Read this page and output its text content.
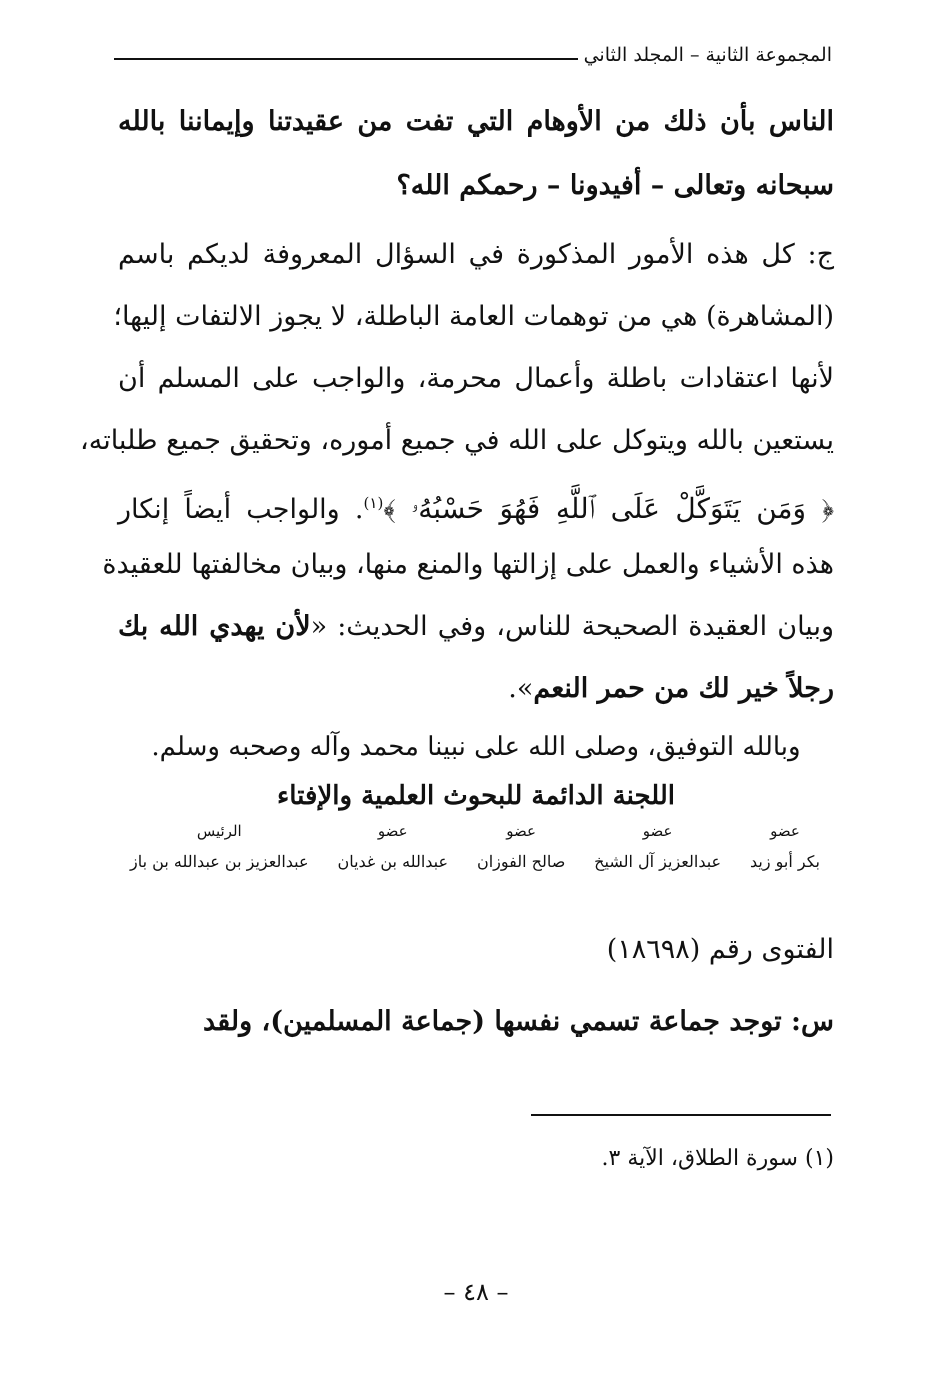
المجموعة الثانية – المجلد الثاني
الناس بأن ذلك من الأوهام التي تفت من عقيدتنا وإيماننا بالله
سبحانه وتعالى – أفيدونا – رحمكم الله؟
ج: كل هذه الأمور المذكورة في السؤال المعروفة لديكم باسم
(المشاهرة) هي من توهمات العامة الباطلة، لا يجوز الالتفات إليها؛
لأنها اعتقادات باطلة وأعمال محرمة، والواجب على المسلم أن
يستعين بالله ويتوكل على الله في جميع أموره، وتحقيق جميع طلباته،
﴿ وَمَن يَتَوَكَّلْ عَلَى ٱللَّهِ فَهُوَ حَسْبُهُۥ ﴾$^{(١)}$. والواجب أيضاً إنكار
هذه الأشياء والعمل على إزالتها والمنع منها، وبيان مخالفتها للعقيدة
وبيان العقيدة الصحيحة للناس، وفي الحديث: «لأن يهدي الله بك
رجلاً خير لك من حمر النعم».
وبالله التوفيق، وصلى الله على نبينا محمد وآله وصحبه وسلم.
اللجنة الدائمة للبحوث العلمية والإفتاء
عضو
بكر أبو زيد
عضو
عبدالعزيز آل الشيخ
عضو
صالح الفوزان
عضو
عبدالله بن غديان
الرئيس
عبدالعزيز بن عبدالله بن باز
الفتوى رقم (١٨٦٩٨)
س: توجد جماعة تسمي نفسها (جماعة المسلمين)، ولقد
(١) سورة الطلاق، الآية ٣.
– ٤٨ –
